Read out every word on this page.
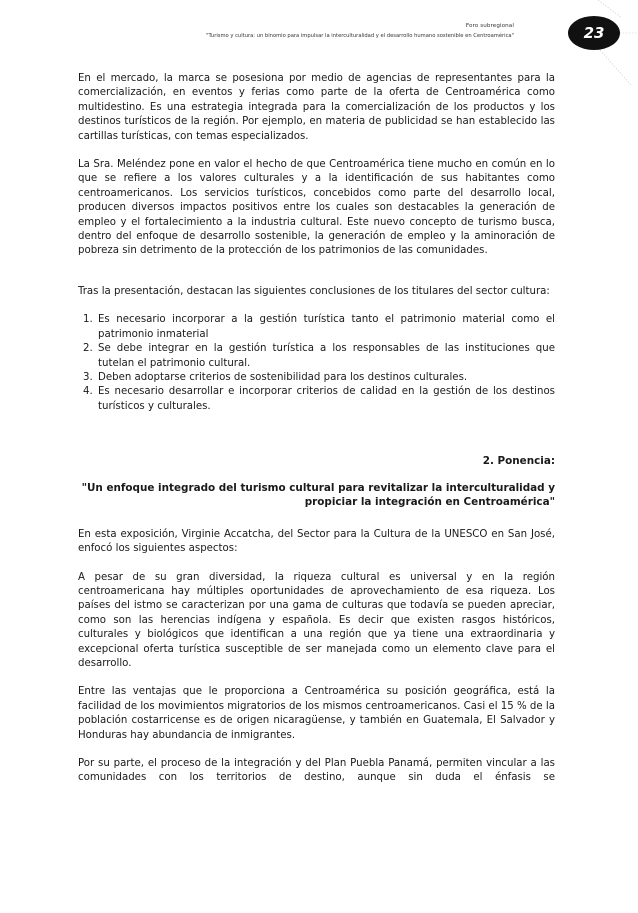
Foro subregional
"Turismo y cultura: un binomio para impulsar la interculturalidad y el desarrollo humano sostenible en Centroamérica"	23

En el mercado, la marca se posesiona por medio de agencias de representantes para la comercialización, en eventos y ferias como parte de la oferta de Centroamérica como multidestino. Es una estrategia integrada para la comercialización de los productos y los destinos turísticos de la región. Por ejemplo, en materia de publicidad se han establecido las cartillas turísticas, con temas especializados.

La Sra. Meléndez pone en valor el hecho de que Centroamérica tiene mucho en común en lo que se refiere a los valores culturales y a la identificación de sus habitantes como centroamericanos. Los servicios turísticos, concebidos como parte del desarrollo local, producen diversos impactos positivos entre los cuales son destacables la generación de empleo y el fortalecimiento a la industria cultural. Este nuevo concepto de turismo busca, dentro del enfoque de desarrollo sostenible, la generación de empleo y la aminoración de pobreza sin detrimento de la protección de los patrimonios de las comunidades.

Tras la presentación, destacan las siguientes conclusiones de los titulares del sector cultura:

1. Es necesario incorporar a la gestión turística tanto el patrimonio material como el patrimonio inmaterial
2. Se debe integrar en la gestión turística a los responsables de las instituciones que tutelan el patrimonio cultural.
3. Deben adoptarse criterios de sostenibilidad para los destinos culturales.
4. Es necesario desarrollar e incorporar criterios de calidad en la gestión de los destinos turísticos y culturales.
2. Ponencia:
"Un enfoque integrado del turismo cultural para revitalizar la interculturalidad y propiciar la integración en Centroamérica"

En esta exposición, Virginie Accatcha, del Sector para la Cultura de la UNESCO en San José, enfocó los siguientes aspectos:

A pesar de su gran diversidad, la riqueza cultural es universal y en la región centroamericana hay múltiples oportunidades de aprovechamiento de esa riqueza. Los países del istmo se caracterizan por una gama de culturas que todavía se pueden apreciar, como son las herencias indígena y española. Es decir que existen rasgos históricos, culturales y biológicos que identifican a una región que ya tiene una extraordinaria y excepcional oferta turística susceptible de ser manejada como un elemento clave para el desarrollo.

Entre las ventajas que le proporciona a Centroamérica su posición geográfica, está la facilidad de los movimientos migratorios de los mismos centroamericanos. Casi el 15 % de la población costarricense es de origen nicaragüense, y también en Guatemala, El Salvador y Honduras hay abundancia de inmigrantes.

Por su parte, el proceso de la integración y del Plan Puebla Panamá, permiten vincular a las comunidades con los territorios de destino, aunque sin duda el énfasis se
